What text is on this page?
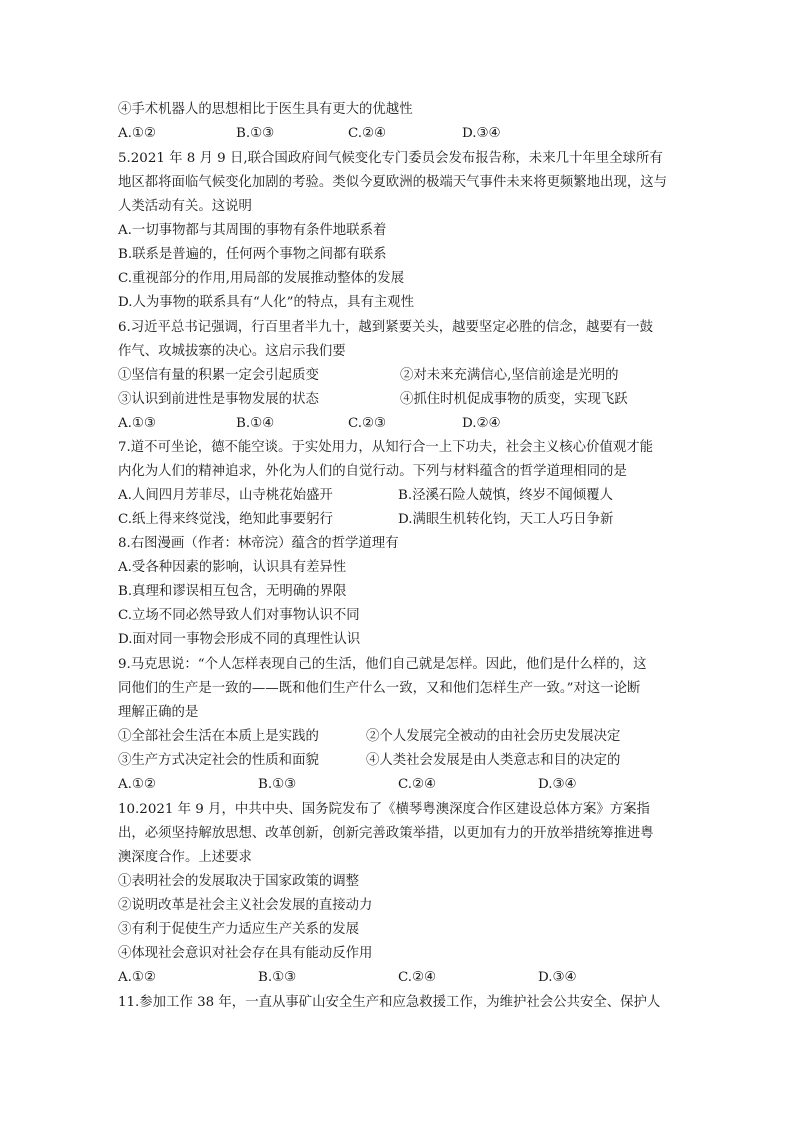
④手术机器人的思想相比于医生具有更大的优越性
A.①②	B.①③	C.②④	D.③④
5.2021 年 8 月 9 日,联合国政府间气候变化专门委员会发布报告称，未来几十年里全球所有
地区都将面临气候变化加剧的考验。类似今夏欧洲的极端天气事件未来将更频繁地出现，这与
人类活动有关。这说明
A.一切事物都与其周围的事物有条件地联系着
B.联系是普遍的，任何两个事物之间都有联系
C.重视部分的作用,用局部的发展推动整体的发展
D.人为事物的联系具有“人化”的特点，具有主观性
6.习近平总书记强调，行百里者半九十，越到紧要关头，越要坚定必胜的信念，越要有一鼓
作气、攻城拔寨的决心。这启示我们要
①坚信有量的积累一定会引起质变	②对未来充满信心,坚信前途是光明的
③认识到前进性是事物发展的状态	④抓住时机促成事物的质变，实现飞跃
A.①③	B.①④	C.②③	D.②④
7.道不可坐论，德不能空谈。于实处用力，从知行合一上下功夫，社会主义核心价值观才能
内化为人们的精神追求，外化为人们的自觉行动。下列与材料蕴含的哲学道理相同的是
A.人间四月芳菲尽，山寺桃花始盛开	B.泾溪石险人兢慎，终岁不闻倾覆人
C.纸上得来终觉浅，绝知此事要躬行	D.满眼生机转化钧，天工人巧日争新
8.右图漫画（作者：林帝浣）蕴含的哲学道理有
A.受各种因素的影响，认识具有差异性
B.真理和谬误相互包含，无明确的界限
C.立场不同必然导致人们对事物认识不同
D.面对同一事物会形成不同的真理性认识
9.马克思说：“个人怎样表现自己的生活，他们自己就是怎样。因此，他们是什么样的，这
同他们的生产是一致的——既和他们生产什么一致，又和他们怎样生产一致。”对这一论断
理解正确的是
①全部社会生活在本质上是实践的	②个人发展完全被动的由社会历史发展决定
③生产方式决定社会的性质和面貌	④人类社会发展是由人类意志和目的决定的
A.①②	B.①③	C.②④	D.③④
10.2021 年 9 月，中共中央、国务院发布了《横琴粤澳深度合作区建设总体方案》方案指
出，必须坚持解放思想、改革创新，创新完善政策举措，以更加有力的开放举措统筹推进粤
澳深度合作。上述要求
①表明社会的发展取决于国家政策的调整
②说明改革是社会主义社会发展的直接动力
③有利于促使生产力适应生产关系的发展
④体现社会意识对社会存在具有能动反作用
A.①②	B.①③	C.②④	D.③④
11.参加工作 38 年，一直从事矿山安全生产和应急救援工作，为维护社会公共安全、保护人
